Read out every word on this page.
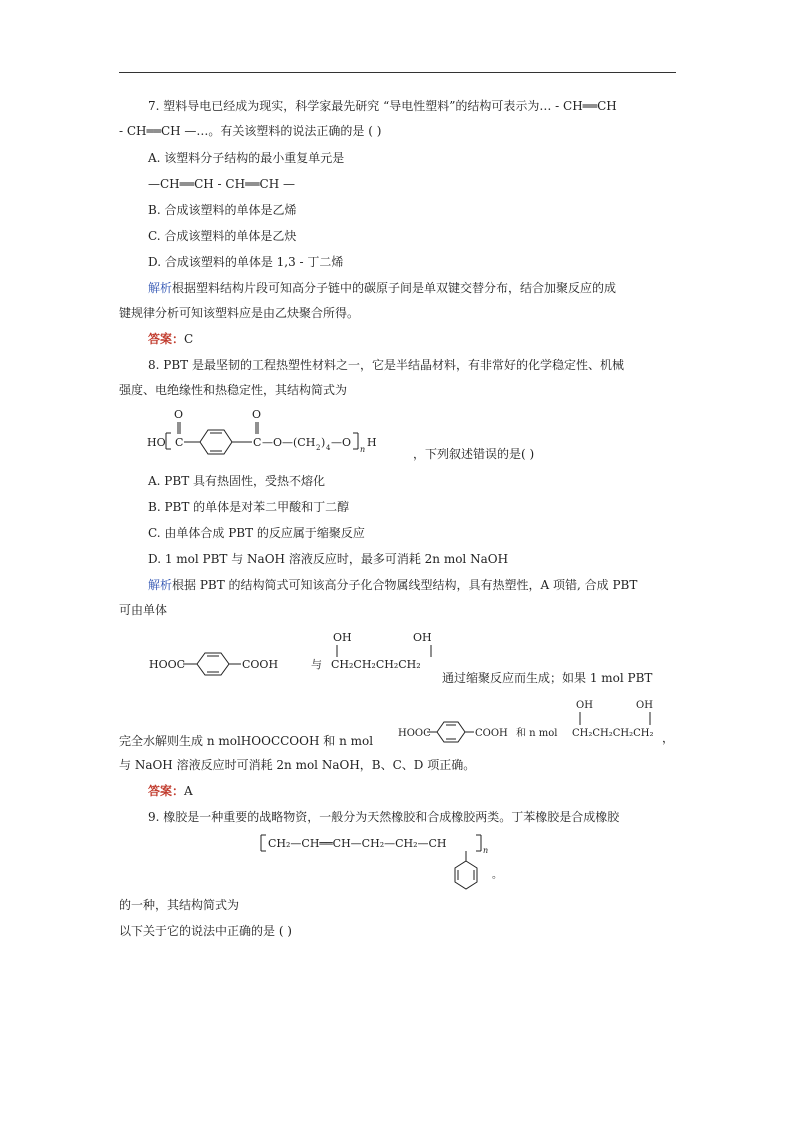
7. 塑料导电已经成为现实，科学家最先研究 “导电性塑料”的结构可表示为… - CH══CH
- CH══CH —…。有关该塑料的说法正确的是 ( )
A. 该塑料分子结构的最小重复单元是
—CH══CH - CH══CH —
B. 合成该塑料的单体是乙烯
C. 合成该塑料的单体是乙炔
D. 合成该塑料的单体是 1,3 - 丁二烯
解析根据塑料结构片段可知高分子链中的碳原子间是单双键交替分布，结合加聚反应的成
键规律分析可知该塑料应是由乙炔聚合所得。
答案：C
8. PBT 是最坚韧的工程热塑性材料之一，它是半结晶材料，有非常好的化学稳定性、机械
强度、电绝缘性和热稳定性，其结构简式为
HO C
O
C
O
—O—(CH 2 ) 4 —O
n
H
，下列叙述错误的是( )
A. PBT 具有热固性，受热不熔化
B. PBT 的单体是对苯二甲酸和丁二醇
C. 由单体合成 PBT 的反应属于缩聚反应
D. 1 mol PBT 与 NaOH 溶液反应时，最多可消耗 2n mol NaOH
解析根据 PBT 的结构简式可知该高分子化合物属线型结构，具有热塑性，A 项错, 合成 PBT
可由单体
HOOC	COOH	与
OH	OH
CH₂CH₂CH₂CH₂
通过缩聚反应而生成；如果 1 mol PBT
完全水解则生成 n molHOOCCOOH 和 n mol
HOOC	COOH 和 n mol
OH	OH
CH₂CH₂CH₂CH₂ ，
与 NaOH 溶液反应时可消耗 2n mol NaOH，B、C、D 项正确。
答案：A
9. 橡胶是一种重要的战略物资，一般分为天然橡胶和合成橡胶两类。丁苯橡胶是合成橡胶
CH₂—CH══CH—CH₂—CH₂—CH
n
。
的一种，其结构简式为
以下关于它的说法中正确的是 ( )
